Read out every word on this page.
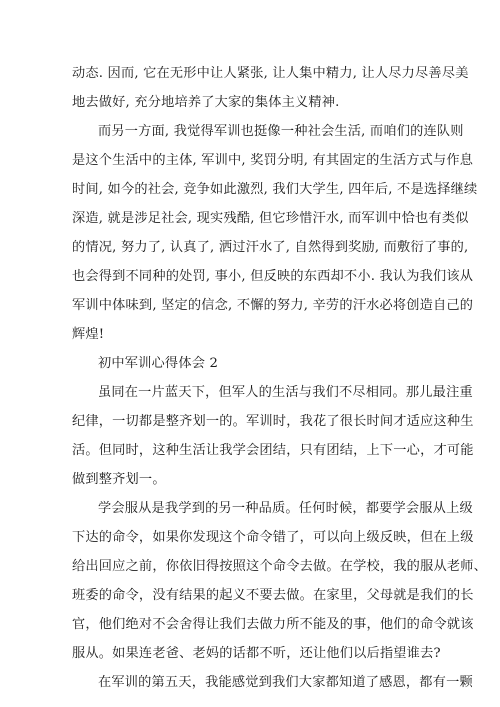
动态. 因而, 它在无形中让人紧张, 让人集中精力, 让人尽力尽善尽美
地去做好, 充分地培养了大家的集体主义精神.
而另一方面, 我觉得军训也挺像一种社会生活, 而咱们的连队则
是这个生活中的主体, 军训中, 奖罚分明, 有其固定的生活方式与作息
时间, 如今的社会, 竞争如此激烈, 我们大学生, 四年后, 不是选择继续
深造, 就是涉足社会, 现实残酷, 但它珍惜汗水, 而军训中恰也有类似
的情况, 努力了, 认真了, 洒过汗水了, 自然得到奖励, 而敷衍了事的,
也会得到不同种的处罚, 事小, 但反映的东西却不小. 我认为我们该从
军训中体味到, 坚定的信念, 不懈的努力, 辛劳的汗水必将创造自己的
辉煌!
初中军训心得体会 2
虽同在一片蓝天下，但军人的生活与我们不尽相同。那儿最注重
纪律，一切都是整齐划一的。军训时，我花了很长时间才适应这种生
活。但同时，这种生活让我学会团结，只有团结，上下一心，才可能
做到整齐划一。
学会服从是我学到的另一种品质。任何时候，都要学会服从上级
下达的命令，如果你发现这个命令错了，可以向上级反映，但在上级
给出回应之前，你依旧得按照这个命令去做。在学校，我的服从老师、
班委的命令，没有结果的起义不要去做。在家里，父母就是我们的长
官，他们绝对不会舍得让我们去做力所不能及的事，他们的命令就该
服从。如果连老爸、老妈的话都不听，还让他们以后指望谁去?
在军训的第五天，我能感觉到我们大家都知道了感恩，都有一颗
